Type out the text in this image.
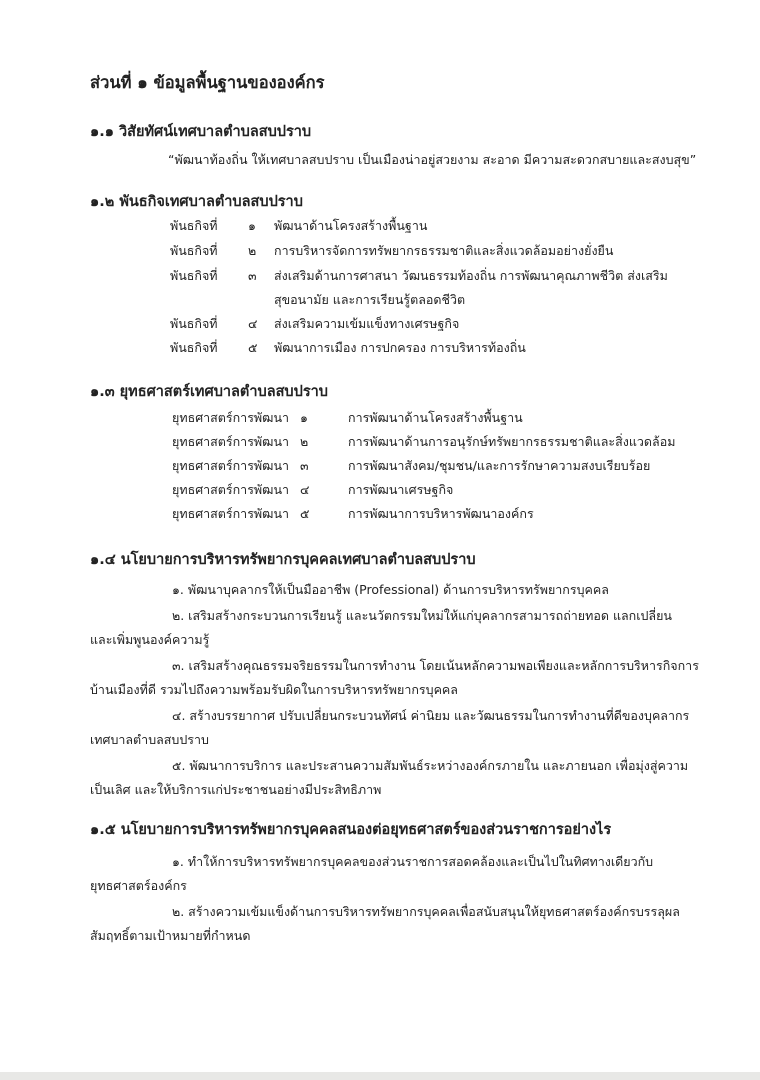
ส่วนที่ ๑ ข้อมูลพื้นฐานขององค์กร
๑.๑ วิสัยทัศน์เทศบาลตำบลสบปราบ

“พัฒนาท้องถิ่น ให้เทศบาลสบปราบ เป็นเมืองน่าอยู่สวยงาม สะอาด มีความสะดวกสบายและสงบสุข”

๑.๒ พันธกิจเทศบาลตำบลสบปราบ
พันธกิจที่ ๑ พัฒนาด้านโครงสร้างพื้นฐาน
พันธกิจที่ ๒ การบริหารจัดการทรัพยากรธรรมชาติและสิ่งแวดล้อมอย่างยั่งยืน
พันธกิจที่ ๓ ส่งเสริมด้านการศาสนา วัฒนธรรมท้องถิ่น การพัฒนาคุณภาพชีวิต ส่งเสริม

สุขอนามัย และการเรียนรู้ตลอดชีวิต

พันธกิจที่ ๔ ส่งเสริมความเข้มแข็งทางเศรษฐกิจ
พันธกิจที่ ๕ พัฒนาการเมือง การปกครอง การบริหารท้องถิ่น
๑.๓ ยุทธศาสตร์เทศบาลตำบลสบปราบ
ยุทธศาสตร์การพัฒนา ๑	การพัฒนาด้านโครงสร้างพื้นฐาน
ยุทธศาสตร์การพัฒนา ๒	การพัฒนาด้านการอนุรักษ์ทรัพยากรธรรมชาติและสิ่งแวดล้อม
ยุทธศาสตร์การพัฒนา ๓	การพัฒนาสังคม/ชุมชน/และการรักษาความสงบเรียบร้อย
ยุทธศาสตร์การพัฒนา ๔	การพัฒนาเศรษฐกิจ
ยุทธศาสตร์การพัฒนา ๕	การพัฒนาการบริหารพัฒนาองค์กร
๑.๔ นโยบายการบริหารทรัพยากรบุคคลเทศบาลตำบลสบปราบ

๑. พัฒนาบุคลากรให้เป็นมืออาชีพ (Professional) ด้านการบริหารทรัพยากรบุคคล

๒. เสริมสร้างกระบวนการเรียนรู้ และนวัตกรรมใหม่ให้แก่บุคลากรสามารถถ่ายทอด แลกเปลี่ยน

และเพิ่มพูนองค์ความรู้

๓. เสริมสร้างคุณธรรมจริยธรรมในการทำงาน โดยเน้นหลักความพอเพียงและหลักการบริหารกิจการ

บ้านเมืองที่ดี รวมไปถึงความพร้อมรับผิดในการบริหารทรัพยากรบุคคล

๔. สร้างบรรยากาศ ปรับเปลี่ยนกระบวนทัศน์ ค่านิยม และวัฒนธรรมในการทำงานที่ดีของบุคลากร

เทศบาลตำบลสบปราบ

๕. พัฒนาการบริการ และประสานความสัมพันธ์ระหว่างองค์กรภายใน และภายนอก เพื่อมุ่งสู่ความ

เป็นเลิศ และให้บริการแก่ประชาชนอย่างมีประสิทธิภาพ

๑.๕ นโยบายการบริหารทรัพยากรบุคคลสนองต่อยุทธศาสตร์ของส่วนราชการอย่างไร

๑. ทำให้การบริหารทรัพยากรบุคคลของส่วนราชการสอดคล้องและเป็นไปในทิศทางเดียวกับ

ยุทธศาสตร์องค์กร

๒. สร้างความเข้มแข็งด้านการบริหารทรัพยากรบุคคลเพื่อสนับสนุนให้ยุทธศาสตร์องค์กรบรรลุผล

สัมฤทธิ์ตามเป้าหมายที่กำหนด
